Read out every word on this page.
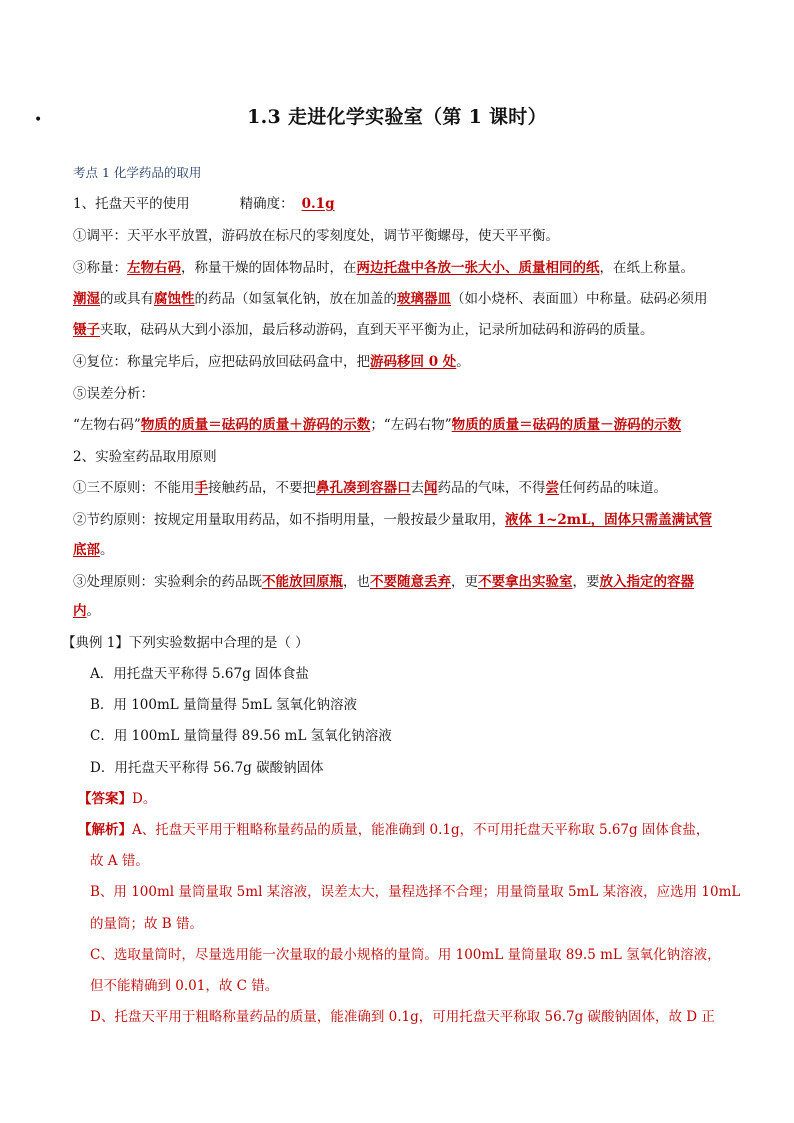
•	1.3 走进化学实验室（第 1 课时）
考点 1 化学药品的取用
1、托盘天平的使用	精确度： 0.1g
①调平：天平水平放置，游码放在标尺的零刻度处，调节平衡螺母，使天平平衡。
③称量：左物右码，称量干燥的固体物品时，在两边托盘中各放一张大小、质量相同的纸，在纸上称量。
潮湿的或具有腐蚀性的药品（如氢氧化钠，放在加盖的玻璃器皿（如小烧杯、表面皿）中称量。砝码必须用
镊子夹取，砝码从大到小添加，最后移动游码，直到天平平衡为止，记录所加砝码和游码的质量。
④复位：称量完毕后，应把砝码放回砝码盒中，把游码移回 0 处。
⑤误差分析：
“左物右码”物质的质量＝砝码的质量＋游码的示数；“左码右物”物质的质量＝砝码的质量－游码的示数
2、实验室药品取用原则
①三不原则：不能用手接触药品，不要把鼻孔凑到容器口去闻药品的气味，不得尝任何药品的味道。
②节约原则：按规定用量取用药品，如不指明用量，一般按最少量取用，液体 1~2mL，固体只需盖满试管
底部。
③处理原则：实验剩余的药品既不能放回原瓶，也不要随意丢弃，更不要拿出实验室，要放入指定的容器
内。
【典例 1】下列实验数据中合理的是（ ）
A．用托盘天平称得 5.67g 固体食盐
B．用 100mL 量筒量得 5mL 氢氧化钠溶液
C．用 100mL 量筒量得 89.56 mL 氢氧化钠溶液
D．用托盘天平称得 56.7g 碳酸钠固体
【答案】D。
【解析】A、托盘天平用于粗略称量药品的质量，能准确到 0.1g，不可用托盘天平称取 5.67g 固体食盐，
故 A 错。
B、用 100ml 量筒量取 5ml 某溶液，误差太大，量程选择不合理；用量筒量取 5mL 某溶液，应选用 10mL
的量筒；故 B 错。
C、选取量筒时，尽量选用能一次量取的最小规格的量筒。用 100mL 量筒量取 89.5 mL 氢氧化钠溶液，
但不能精确到 0.01，故 C 错。
D、托盘天平用于粗略称量药品的质量，能准确到 0.1g，可用托盘天平称取 56.7g 碳酸钠固体，故 D 正
